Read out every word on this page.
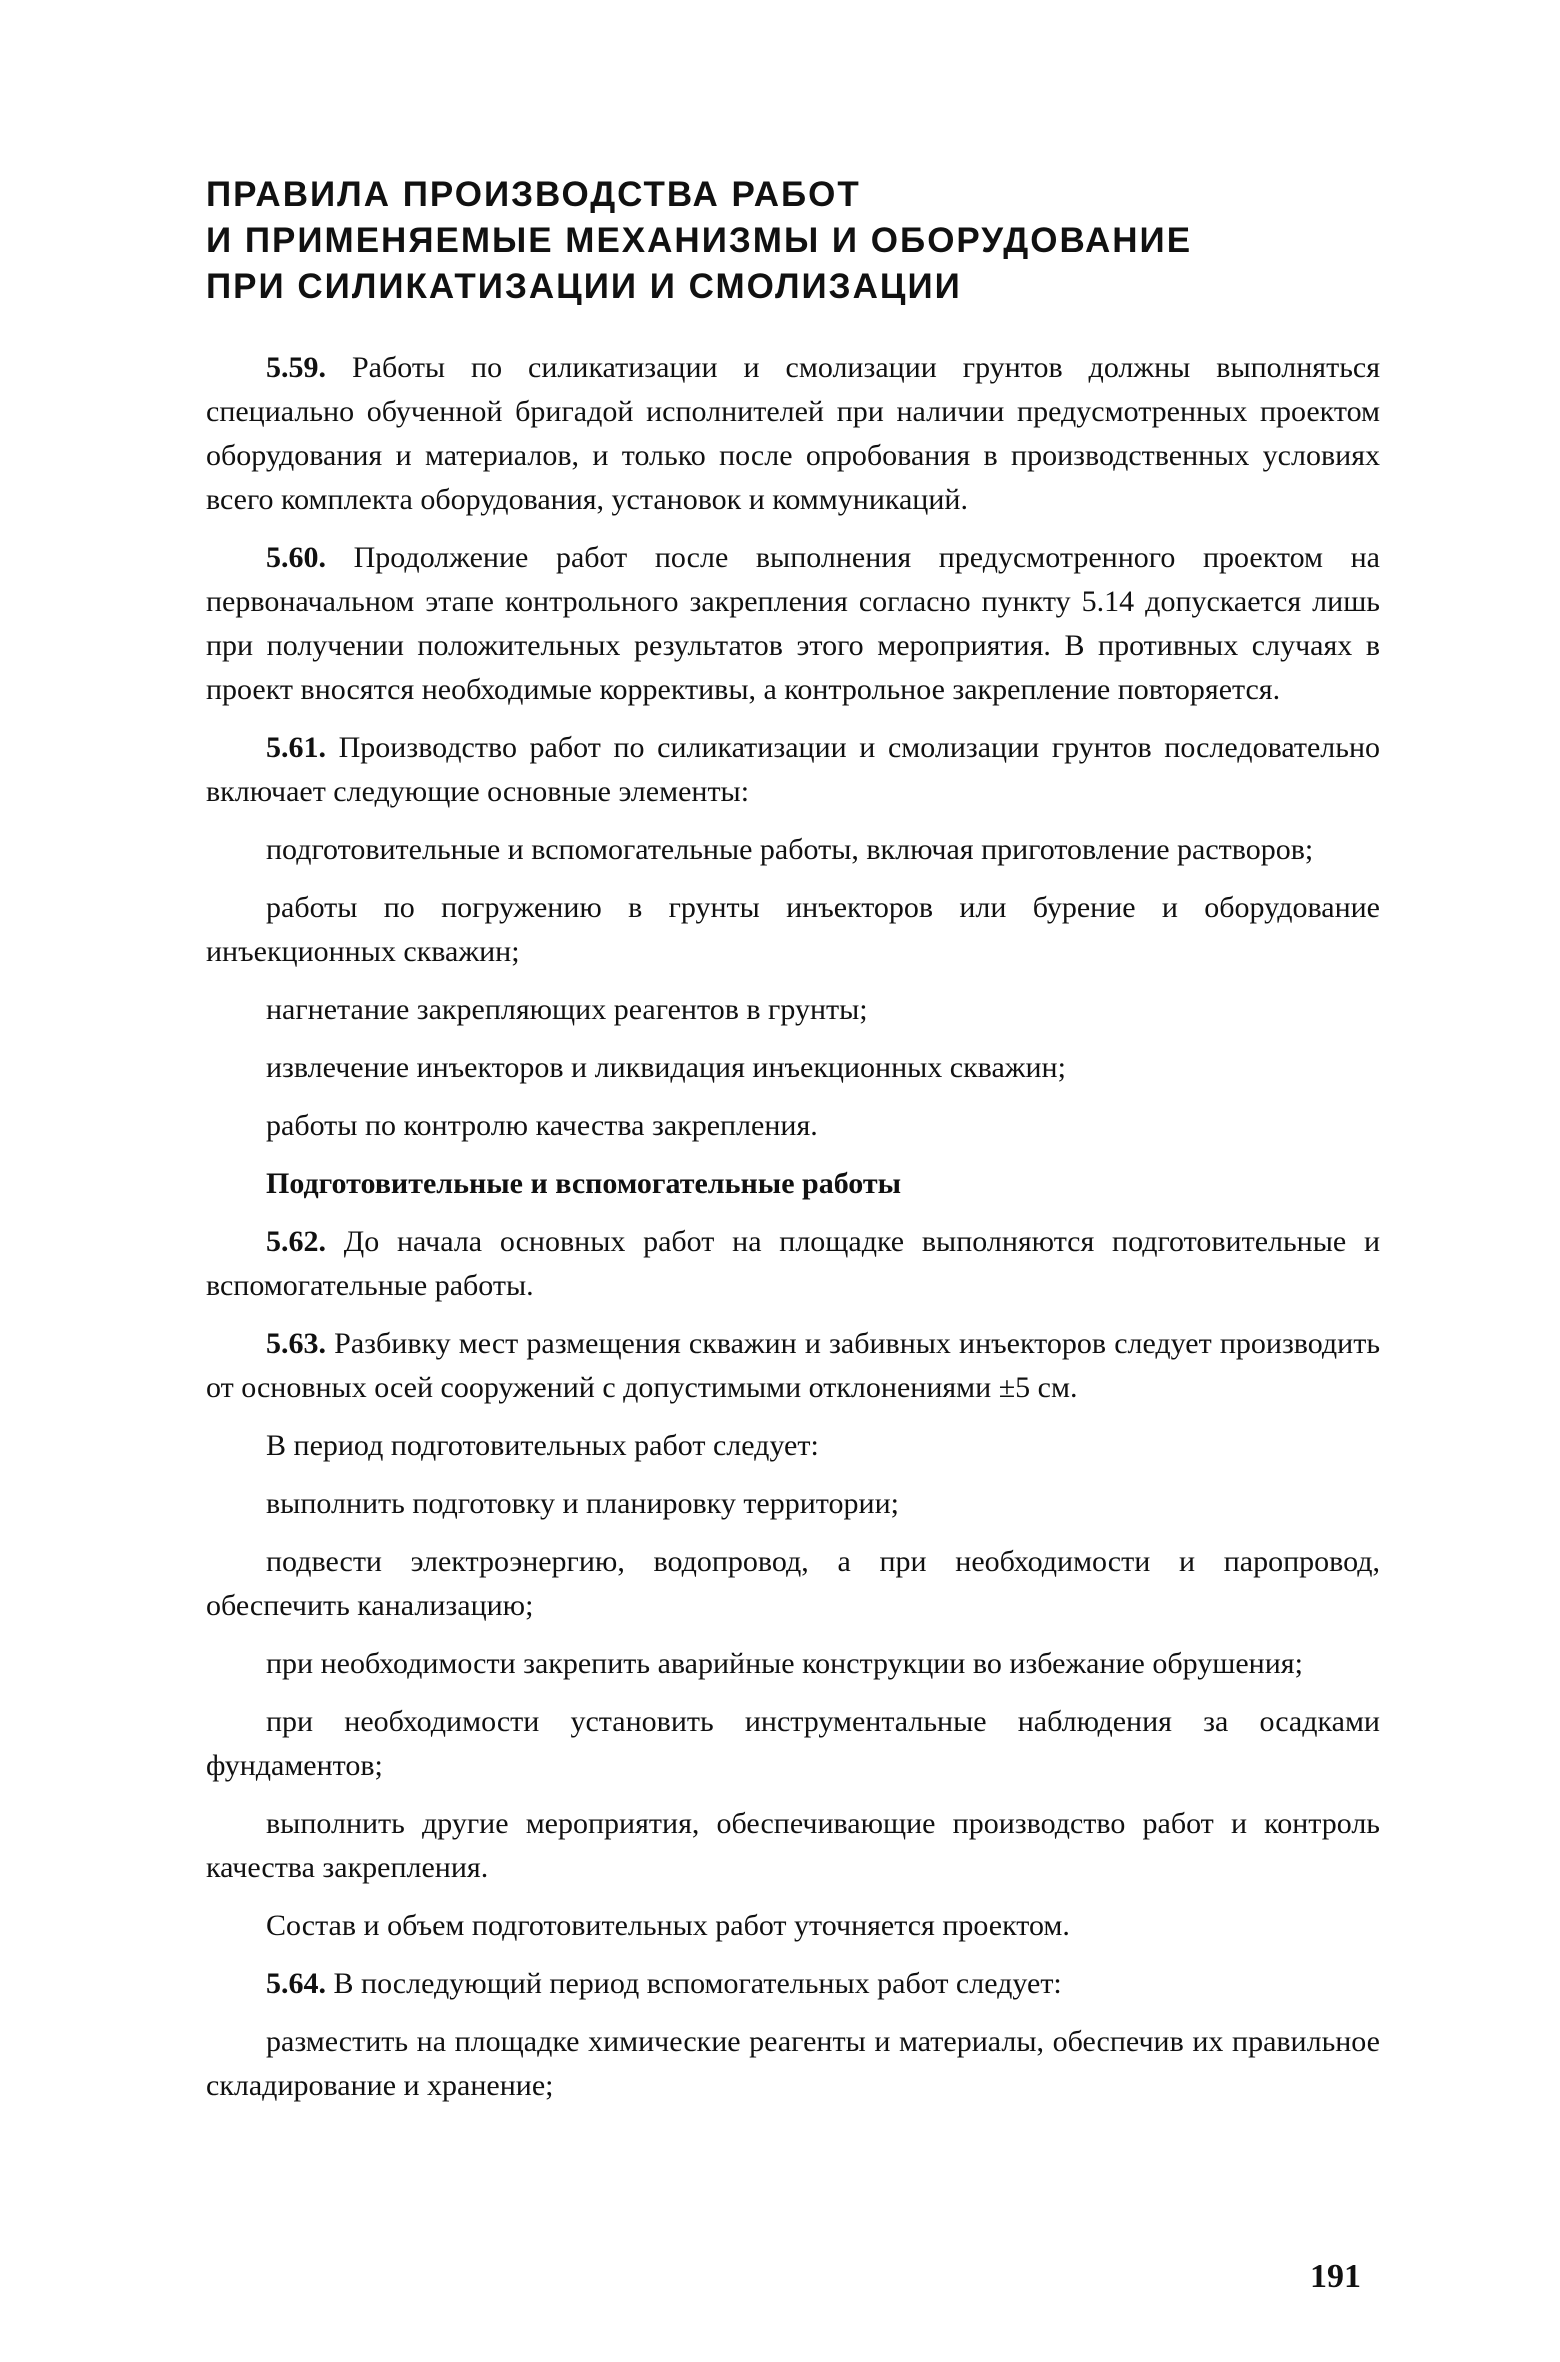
ПРАВИЛА ПРОИЗВОДСТВА РАБОТ
И ПРИМЕНЯЕМЫЕ МЕХАНИЗМЫ И ОБОРУДОВАНИЕ
ПРИ СИЛИКАТИЗАЦИИ И СМОЛИЗАЦИИ

5.59. Работы по силикатизации и смолизации грунтов должны выполняться специально обученной бригадой исполнителей при наличии предусмотренных проектом оборудования и материалов, и только после опробования в производственных условиях всего комплекта оборудования, установок и коммуникаций.

5.60. Продолжение работ после выполнения предусмотренного проектом на первоначальном этапе контрольного закрепления согласно пункту 5.14 допускается лишь при получении положительных результатов этого мероприятия. В противных случаях в проект вносятся необходимые коррективы, а контрольное закрепление повторяется.

5.61. Производство работ по силикатизации и смолизации грунтов последовательно включает следующие основные элементы:

подготовительные и вспомогательные работы, включая приготовление растворов;

работы по погружению в грунты инъекторов или бурение и оборудование инъекционных скважин;

нагнетание закрепляющих реагентов в грунты;

извлечение инъекторов и ликвидация инъекционных скважин;

работы по контролю качества закрепления.

Подготовительные и вспомогательные работы

5.62. До начала основных работ на площадке выполняются подготовительные и вспомогательные работы.

5.63. Разбивку мест размещения скважин и забивных инъекторов следует производить от основных осей сооружений с допустимыми отклонениями ±5 см.

В период подготовительных работ следует:

выполнить подготовку и планировку территории;

подвести электроэнергию, водопровод, а при необходимости и паропровод, обеспечить канализацию;

при необходимости закрепить аварийные конструкции во избежание обрушения;

при необходимости установить инструментальные наблюдения за осадками фундаментов;

выполнить другие мероприятия, обеспечивающие производство работ и контроль качества закрепления.

Состав и объем подготовительных работ уточняется проектом.

5.64. В последующий период вспомогательных работ следует:

разместить на площадке химические реагенты и материалы, обеспечив их правильное складирование и хранение;

191
